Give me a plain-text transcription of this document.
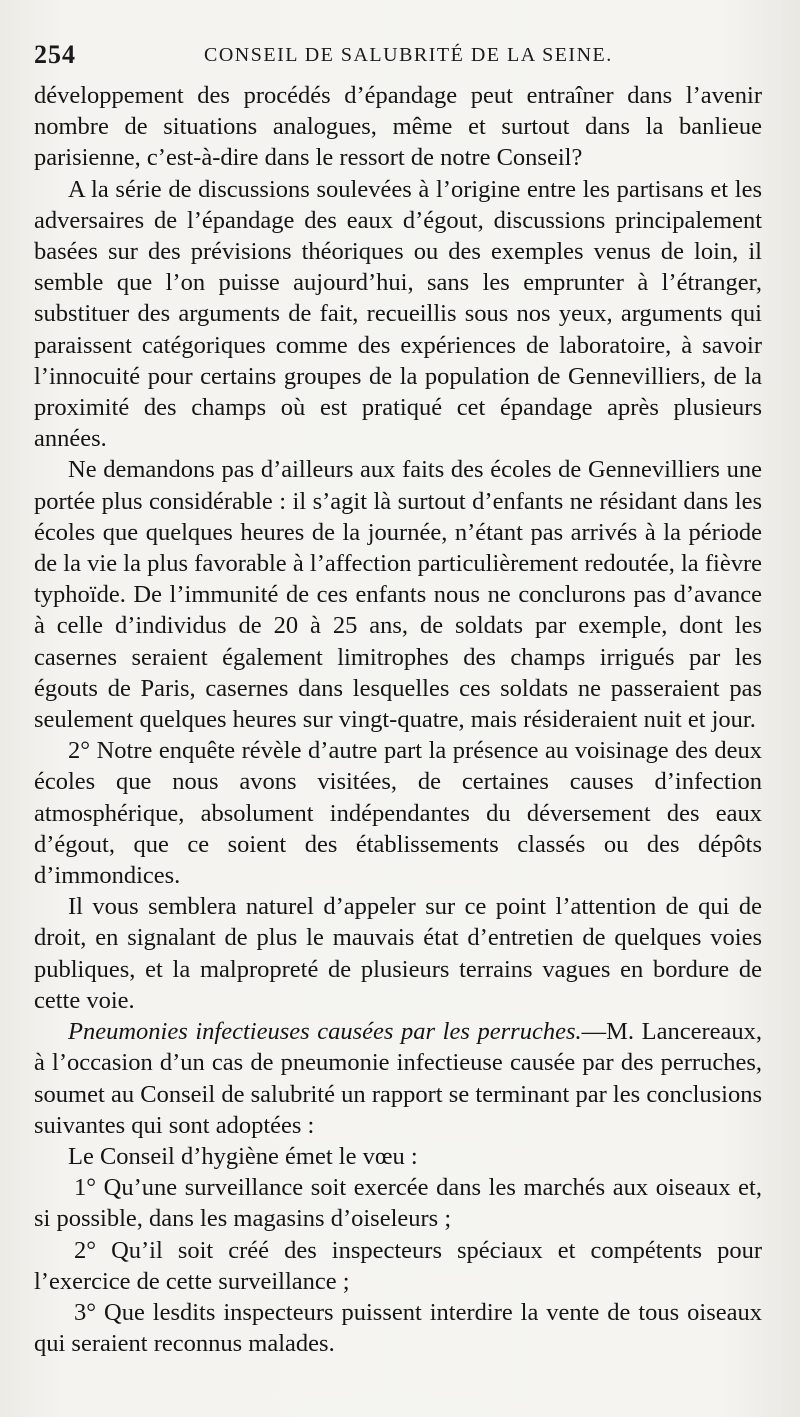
254	CONSEIL DE SALUBRITÉ DE LA SEINE.

développement des procédés d’épandage peut entraîner dans l’avenir nombre de situations analogues, même et surtout dans la banlieue parisienne, c’est-à-dire dans le ressort de notre Conseil?

A la série de discussions soulevées à l’origine entre les partisans et les adversaires de l’épandage des eaux d’égout, discussions principalement basées sur des prévisions théoriques ou des exemples venus de loin, il semble que l’on puisse aujourd’hui, sans les emprunter à l’étranger, substituer des arguments de fait, recueillis sous nos yeux, arguments qui paraissent catégoriques comme des expériences de laboratoire, à savoir l’innocuité pour certains groupes de la population de Gennevilliers, de la proximité des champs où est pratiqué cet épandage après plusieurs années.

Ne demandons pas d’ailleurs aux faits des écoles de Gennevilliers une portée plus considérable : il s’agit là surtout d’enfants ne résidant dans les écoles que quelques heures de la journée, n’étant pas arrivés à la période de la vie la plus favorable à l’affection particulièrement redoutée, la fièvre typhoïde. De l’immunité de ces enfants nous ne conclurons pas d’avance à celle d’individus de 20 à 25 ans, de soldats par exemple, dont les casernes seraient également limitrophes des champs irrigués par les égouts de Paris, casernes dans lesquelles ces soldats ne passeraient pas seulement quelques heures sur vingt-quatre, mais résideraient nuit et jour.

2° Notre enquête révèle d’autre part la présence au voisinage des deux écoles que nous avons visitées, de certaines causes d’infection atmosphérique, absolument indépendantes du déversement des eaux d’égout, que ce soient des établissements classés ou des dépôts d’immondices.

Il vous semblera naturel d’appeler sur ce point l’attention de qui de droit, en signalant de plus le mauvais état d’entretien de quelques voies publiques, et la malpropreté de plusieurs terrains vagues en bordure de cette voie.

Pneumonies infectieuses causées par les perruches.—M. Lancereaux, à l’occasion d’un cas de pneumonie infectieuse causée par des perruches, soumet au Conseil de salubrité un rapport se terminant par les conclusions suivantes qui sont adoptées :

Le Conseil d’hygiène émet le vœu :

1° Qu’une surveillance soit exercée dans les marchés aux oiseaux et, si possible, dans les magasins d’oiseleurs ;

2° Qu’il soit créé des inspecteurs spéciaux et compétents pour l’exercice de cette surveillance ;

3° Que lesdits inspecteurs puissent interdire la vente de tous oiseaux qui seraient reconnus malades.
